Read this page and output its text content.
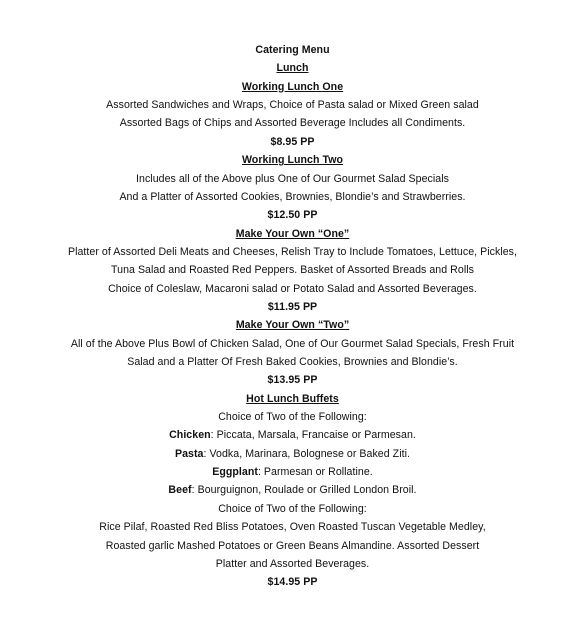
Catering Menu
Lunch
Working Lunch One
Assorted Sandwiches and Wraps, Choice of Pasta salad or Mixed Green salad
Assorted Bags of Chips and Assorted Beverage Includes all Condiments.
$8.95 PP
Working Lunch Two
Includes all of the Above plus One of Our Gourmet Salad Specials
And a Platter of Assorted Cookies, Brownies, Blondie’s and Strawberries.
$12.50 PP
Make Your Own “One”
Platter of Assorted Deli Meats and Cheeses, Relish Tray to Include Tomatoes, Lettuce, Pickles,
Tuna Salad and Roasted Red Peppers. Basket of Assorted Breads and Rolls
Choice of Coleslaw, Macaroni salad or Potato Salad and Assorted Beverages.
$11.95 PP
Make Your Own “Two”
All of the Above Plus Bowl of Chicken Salad, One of Our Gourmet Salad Specials, Fresh Fruit
Salad and a Platter Of Fresh Baked Cookies, Brownies and Blondie’s.
$13.95 PP
Hot Lunch Buffets
Choice of Two of the Following:
Chicken: Piccata, Marsala, Francaise or Parmesan.
Pasta: Vodka, Marinara, Bolognese or Baked Ziti.
Eggplant: Parmesan or Rollatine.
Beef: Bourguignon, Roulade or Grilled London Broil.
Choice of Two of the Following:
Rice Pilaf, Roasted Red Bliss Potatoes, Oven Roasted Tuscan Vegetable Medley,
Roasted garlic Mashed Potatoes or Green Beans Almandine. Assorted Dessert
Platter and Assorted Beverages.
$14.95 PP
